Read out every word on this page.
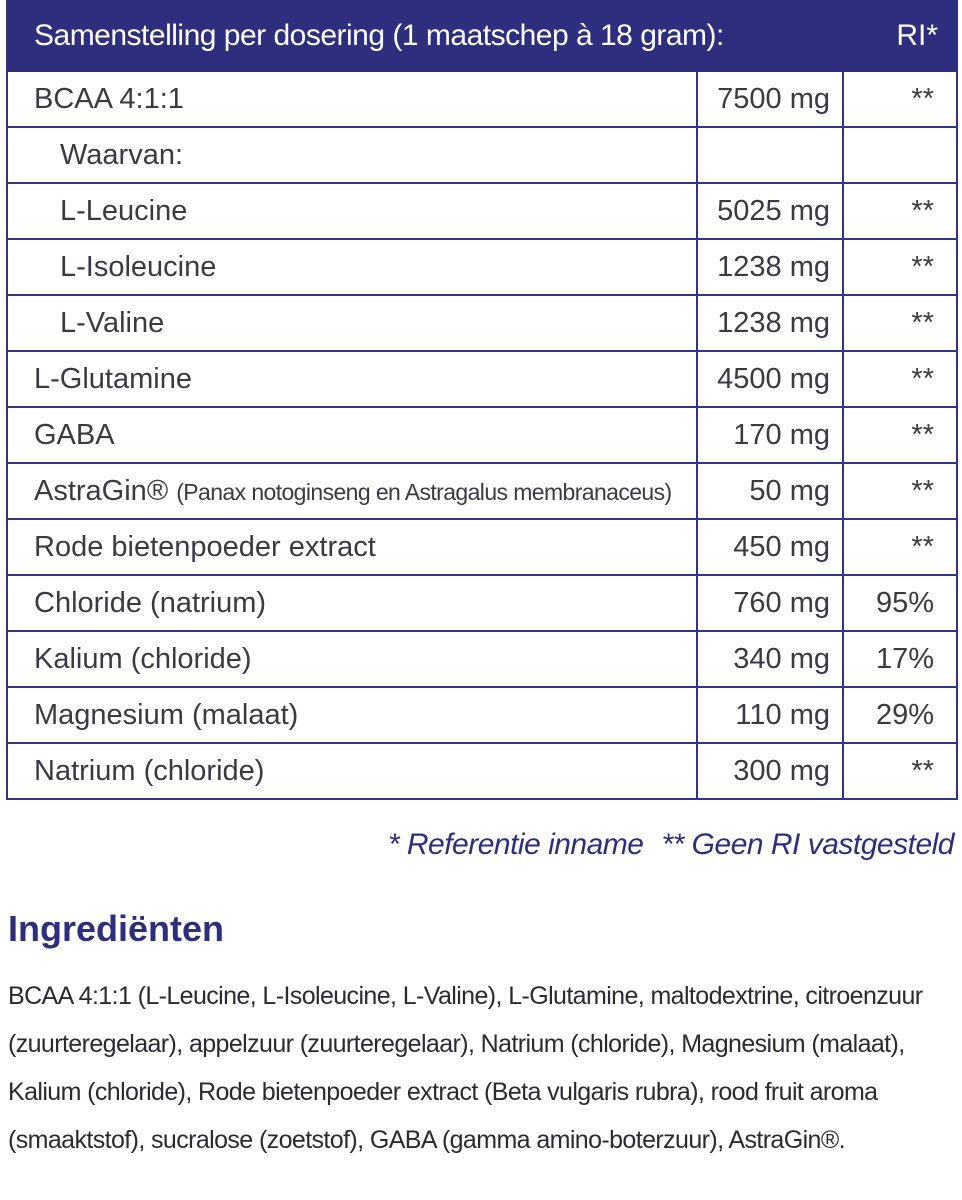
Samenstelling per dosering (1 maatschep à 18 gram):		RI*
BCAA 4:1:1	7500 mg	**
Waarvan:		
L-Leucine	5025 mg	**
L-Isoleucine	1238 mg	**
L-Valine	1238 mg	**
L-Glutamine	4500 mg	**
GABA	170 mg	**
AstraGin® (Panax notoginseng en Astragalus membranaceus)	50 mg	**
Rode bietenpoeder extract	450 mg	**
Chloride (natrium)	760 mg	95%
Kalium (chloride)	340 mg	17%
Magnesium (malaat)	110 mg	29%
Natrium (chloride)	300 mg	**
* Referentie inname ** Geen RI vastgesteld
Ingrediënten

BCAA 4:1:1 (L-Leucine, L-Isoleucine, L-Valine), L-Glutamine, maltodextrine, citroenzuur (zuurteregelaar), appelzuur (zuurteregelaar), Natrium (chloride), Magnesium (malaat), Kalium (chloride), Rode bietenpoeder extract (Beta vulgaris rubra), rood fruit aroma (smaaktstof), sucralose (zoetstof), GABA (gamma amino-boterzuur), AstraGin®.
